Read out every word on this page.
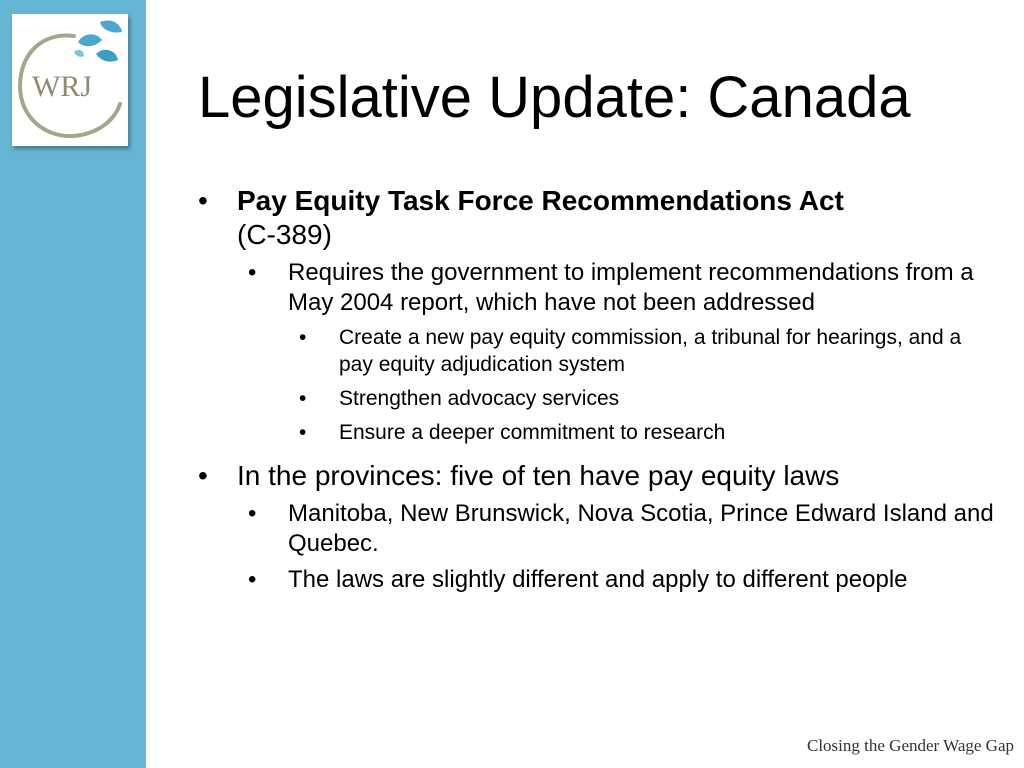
WRJ Legislative Update: Canada
• Pay Equity Task Force Recommendations Act
(C-389)
• Requires the government to implement recommendations from a May 2004 report, which have not been addressed
• Create a new pay equity commission, a tribunal for hearings, and a pay equity adjudication system
• Strengthen advocacy services
• Ensure a deeper commitment to research
• In the provinces: five of ten have pay equity laws
• Manitoba, New Brunswick, Nova Scotia, Prince Edward Island and Quebec.
• The laws are slightly different and apply to different people
Closing the Gender Wage Gap
